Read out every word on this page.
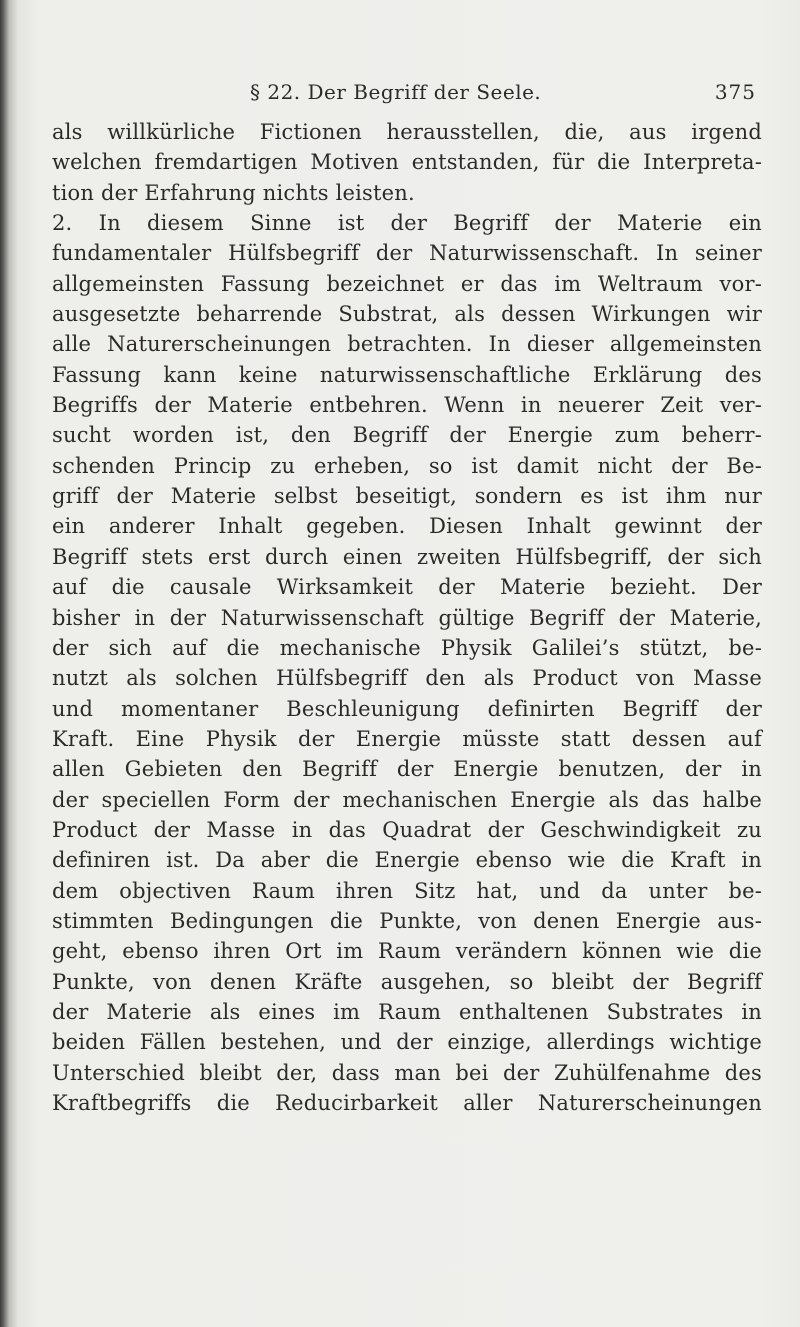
§ 22. Der Begriff der Seele.	375
als willkürliche Fictionen herausstellen, die, aus irgend
welchen fremdartigen Motiven entstanden, für die Interpreta-
tion der Erfahrung nichts leisten.
2. In diesem Sinne ist der Begriff der Materie ein
fundamentaler Hülfsbegriff der Naturwissenschaft. In seiner
allgemeinsten Fassung bezeichnet er das im Weltraum vor-
ausgesetzte beharrende Substrat, als dessen Wirkungen wir
alle Naturerscheinungen betrachten. In dieser allgemeinsten
Fassung kann keine naturwissenschaftliche Erklärung des
Begriffs der Materie entbehren. Wenn in neuerer Zeit ver-
sucht worden ist, den Begriff der Energie zum beherr-
schenden Princip zu erheben, so ist damit nicht der Be-
griff der Materie selbst beseitigt, sondern es ist ihm nur
ein anderer Inhalt gegeben. Diesen Inhalt gewinnt der
Begriff stets erst durch einen zweiten Hülfsbegriff, der sich
auf die causale Wirksamkeit der Materie bezieht. Der
bisher in der Naturwissenschaft gültige Begriff der Materie,
der sich auf die mechanische Physik Galilei’s stützt, be-
nutzt als solchen Hülfsbegriff den als Product von Masse
und momentaner Beschleunigung definirten Begriff der
Kraft. Eine Physik der Energie müsste statt dessen auf
allen Gebieten den Begriff der Energie benutzen, der in
der speciellen Form der mechanischen Energie als das halbe
Product der Masse in das Quadrat der Geschwindigkeit zu
definiren ist. Da aber die Energie ebenso wie die Kraft in
dem objectiven Raum ihren Sitz hat, und da unter be-
stimmten Bedingungen die Punkte, von denen Energie aus-
geht, ebenso ihren Ort im Raum verändern können wie die
Punkte, von denen Kräfte ausgehen, so bleibt der Begriff
der Materie als eines im Raum enthaltenen Substrates in
beiden Fällen bestehen, und der einzige, allerdings wichtige
Unterschied bleibt der, dass man bei der Zuhülfenahme des
Kraftbegriffs die Reducirbarkeit aller Naturerscheinungen
